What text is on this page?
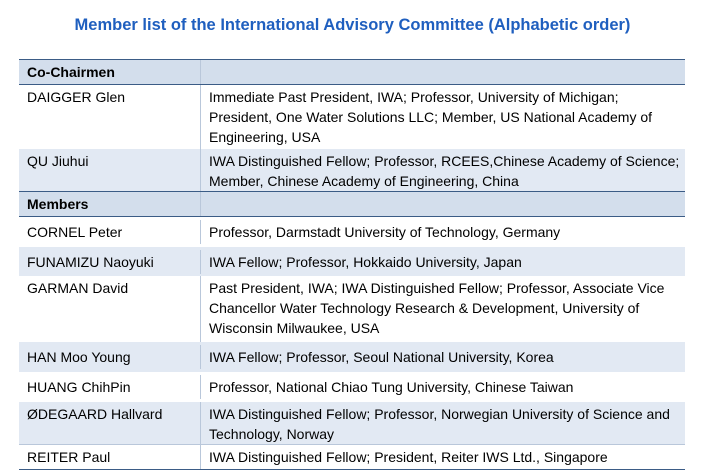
Member list of the International Advisory Committee (Alphabetic order)
Co-Chairmen
DAIGGER Glen	Immediate Past President, IWA; Professor, University of Michigan; President, One Water Solutions LLC; Member, US National Academy of Engineering, USA
QU Jiuhui	IWA Distinguished Fellow; Professor, RCEES,Chinese Academy of Science; Member, Chinese Academy of Engineering, China
Members
CORNEL Peter	Professor, Darmstadt University of Technology, Germany
FUNAMIZU Naoyuki	IWA Fellow; Professor, Hokkaido University, Japan
GARMAN David	Past President, IWA; IWA Distinguished Fellow; Professor, Associate Vice Chancellor Water Technology Research & Development, University of Wisconsin Milwaukee, USA
HAN Moo Young	IWA Fellow; Professor, Seoul National University, Korea
HUANG ChihPin	Professor, National Chiao Tung University, Chinese Taiwan
ØDEGAARD Hallvard	IWA Distinguished Fellow; Professor, Norwegian University of Science and Technology, Norway
REITER Paul	IWA Distinguished Fellow; President, Reiter IWS Ltd., Singapore
